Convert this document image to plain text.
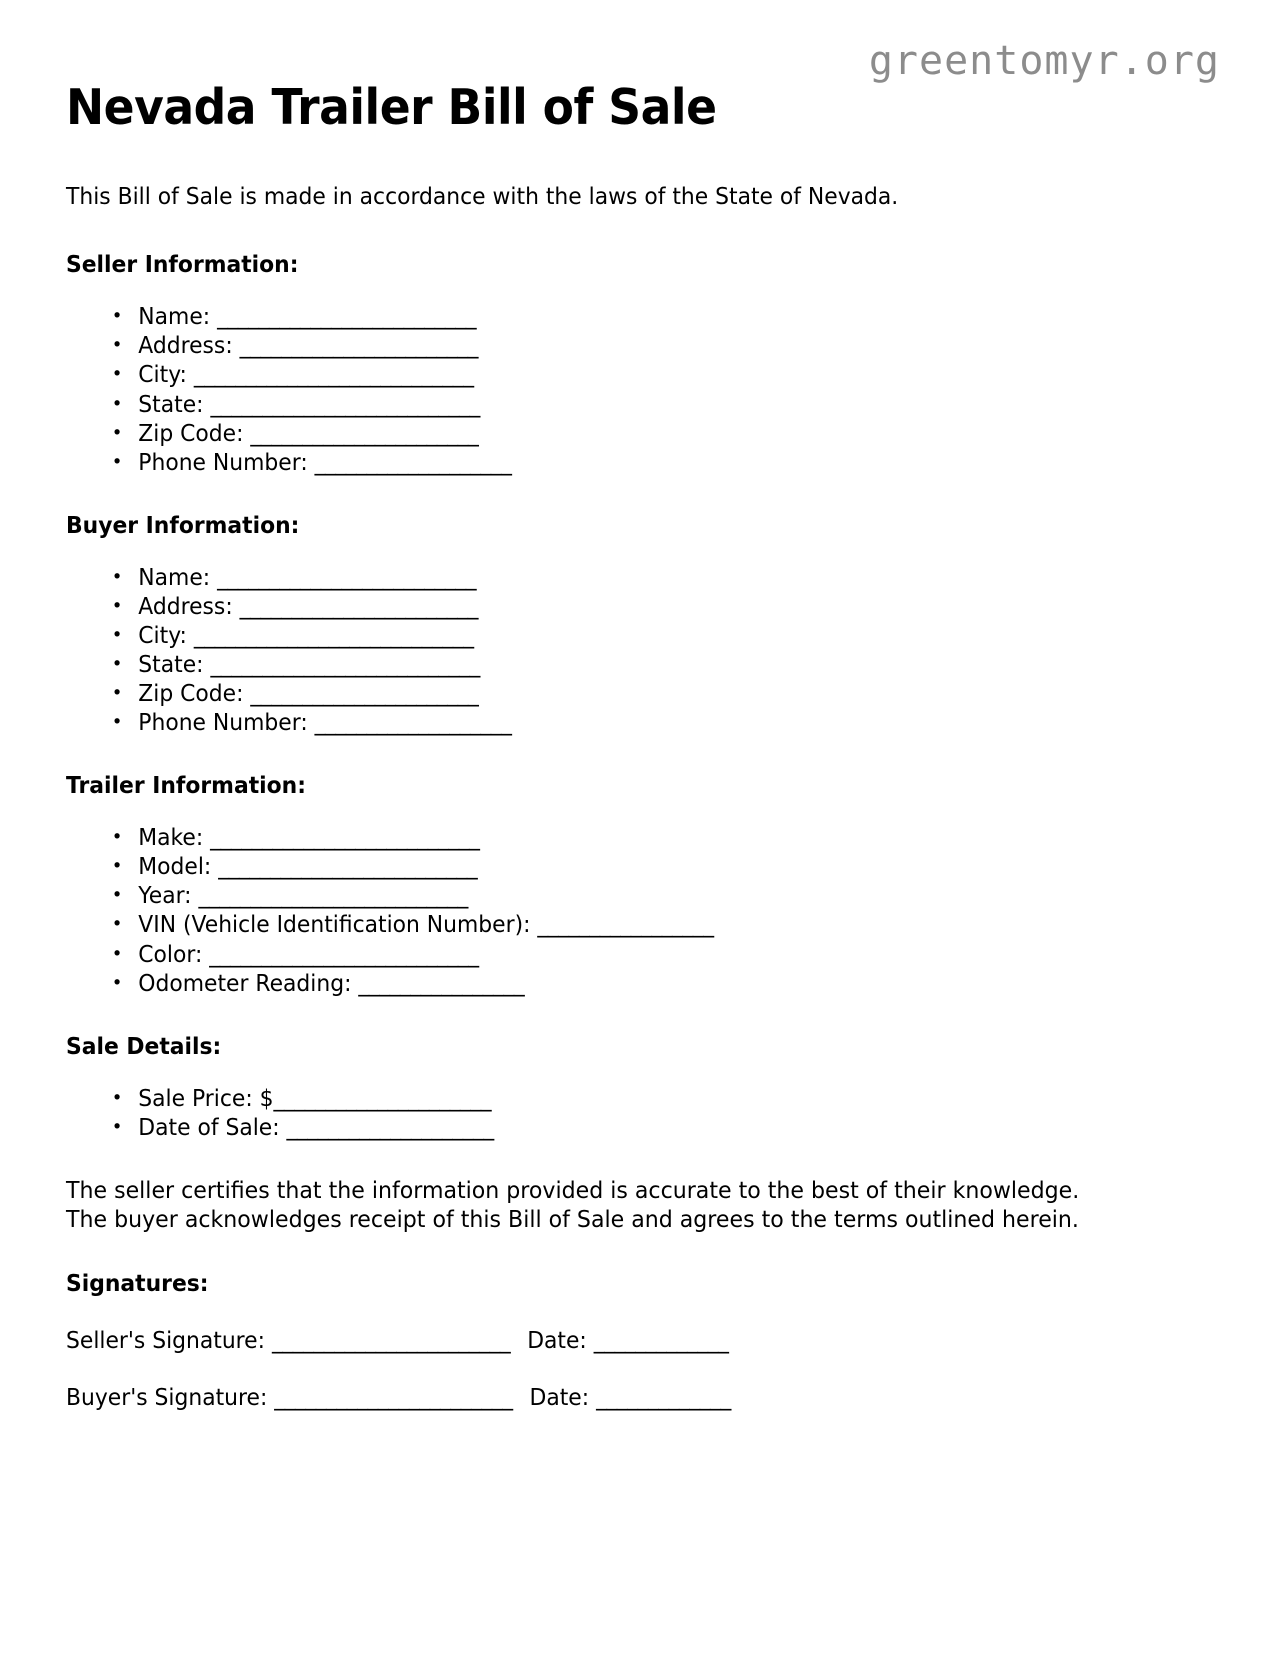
greentomyr.org
Nevada Trailer Bill of Sale

This Bill of Sale is made in accordance with the laws of the State of Nevada.

Seller Information:
• Name: _________________________
• Address: _______________________
• City: ___________________________
• State: __________________________
• Zip Code: ______________________
• Phone Number: ___________________
Buyer Information:
• Name: _________________________
• Address: _______________________
• City: ___________________________
• State: __________________________
• Zip Code: ______________________
• Phone Number: ___________________
Trailer Information:
• Make: __________________________
• Model: _________________________
• Year: __________________________
• VIN (Vehicle Identification Number): _________________
• Color: __________________________
• Odometer Reading: ________________
Sale Details:
• Sale Price: $_____________________
• Date of Sale: ____________________

The seller certifies that the information provided is accurate to the best of their knowledge. The buyer acknowledges receipt of this Bill of Sale and agrees to the terms outlined herein.

Signatures:
Seller's Signature: _______________________ Date: _____________
Buyer's Signature: _______________________ Date: _____________
